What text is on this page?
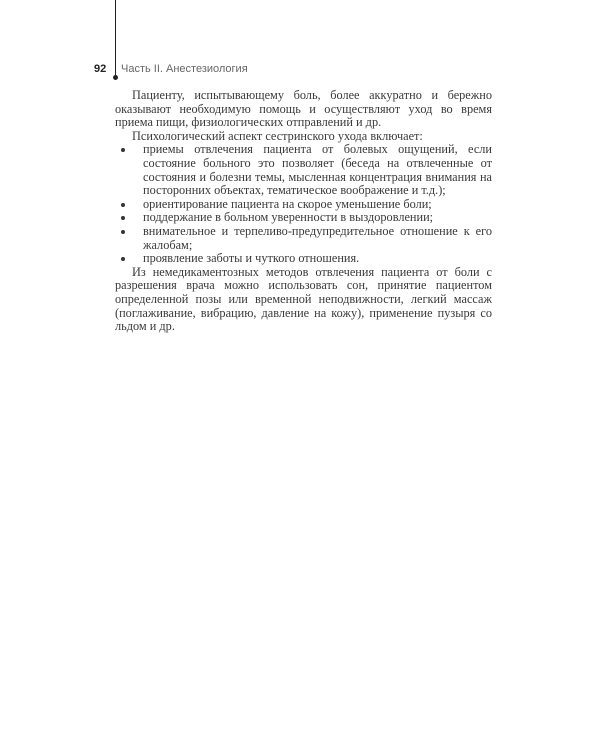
92 Часть II. Анестезиология

Пациенту, испытывающему боль, более аккуратно и бережно оказывают необходимую помощь и осуществляют уход во время приема пищи, физиологических отправлений и др.

Психологический аспект сестринского ухода включает:

приемы отвлечения пациента от болевых ощущений, если состояние больного это позволяет (беседа на отвлеченные от состояния и болезни темы, мысленная концентрация внимания на посторонних объектах, тематическое воображение и т.д.);
ориентирование пациента на скорое уменьшение боли;
поддержание в больном уверенности в выздоровлении;
внимательное и терпеливо-предупредительное отношение к его жалобам;
проявление заботы и чуткого отношения.

Из немедикаментозных методов отвлечения пациента от боли с разрешения врача можно использовать сон, принятие пациентом определенной позы или временной неподвижности, легкий массаж (поглаживание, вибрацию, давление на кожу), применение пузыря со льдом и др.
